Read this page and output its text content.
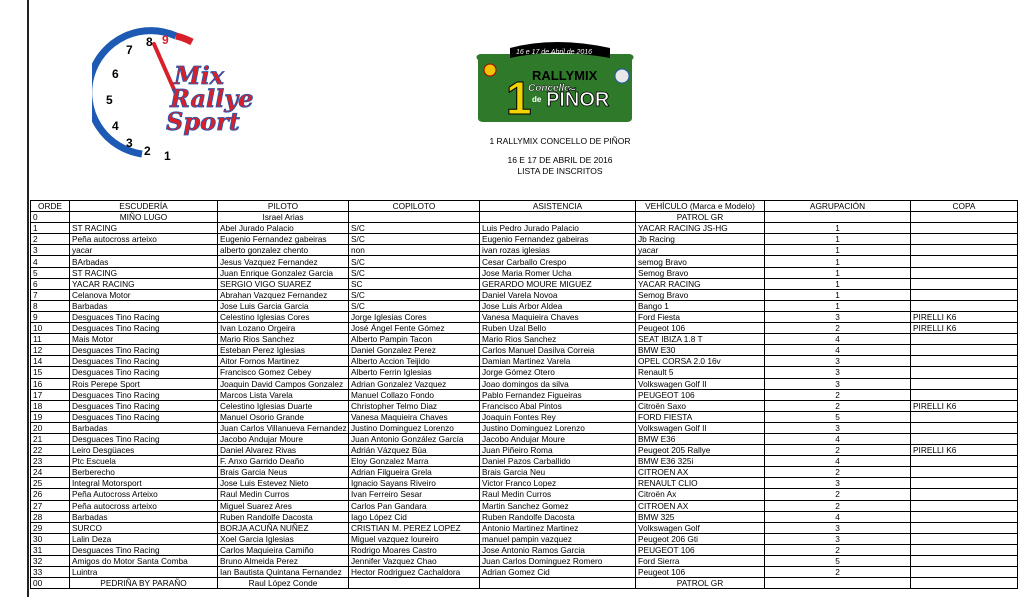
9
8
7
6
5
4
3
2 1
Mix
Rallye
Sport
16 e 17 de Abril de 2016
1 RALLYMIX
Concello
de PIÑOR
1 RALLYMIX CONCELLO DE PIÑOR
16 E 17 DE ABRIL DE 2016
LISTA DE INSCRITOS
ORDE	ESCUDERÍA	PILOTO	COPILOTO	ASISTENCIA	VEHÍCULO (Marca e Modelo)	AGRUPACIÓN	COPA
0	MIÑO LUGO	Israel Arias			PATROL GR		
1	ST RACING	Abel Jurado Palacio	S/C	Luis Pedro Jurado Palacio	YACAR RACING JS-HG	1	
2	Peña autocross arteixo	Eugenio Fernandez gabeiras	S/C	Eugenio Fernandez gabeiras	Jb Racing	1	
3	yacar	alberto gonzalez chento	non	ivan rozas iglesias	yacar	1	
4	BArbadas	Jesus Vazquez Fernandez	S/C	Cesar Carballo Crespo	semog Bravo	1	
5	ST RACING	Juan Enrique Gonzalez Garcia	S/C	Jose Maria Romer Ucha	Semog Bravo	1	
6	YACAR RACING	SERGIO VIGO SUAREZ	SC	GERARDO MOURE MIGUEZ	YACAR RACING	1	
7	Celanova Motor	Abrahan Vazquez Fernandez	S/C	Daniel Varela Novoa	Semog Bravo	1	
8	Barbadas	Jose Luis Garcia Garcia	S/C	Jose Luis Arbor Aldea	Bango 1	1	
9	Desguaces Tino Racing	Celestino Iglesias Cores	Jorge Iglesias Cores	Vanesa Maquieira Chaves	Ford Fiesta	3	PIRELLI K6
10	Desguaces Tino Racing	Ivan Lozano Orgeira	José Ángel Fente Gómez	Ruben Uzal Bello	Peugeot 106	2	PIRELLI K6
11	Mais Motor	Mario Rios Sanchez	Alberto Pampin Tacon	Mario Rios Sanchez	SEAT IBIZA 1.8 T	4	
12	Desguaces Tino Racing	Esteban Perez Iglesias	Daniel Gonzalez Perez	Carlos Manuel Dasilva Correia	BMW E30	4	
14	Desguaces Tino Racing	Aitor Fornos Martinez	Alberto Accion Teijido	Damian Martinez Varela	OPEL CORSA 2.0 16v	3	
15	Desguaces Tino Racing	Francisco Gomez Cebey	Alberto Ferrin Iglesias	Jorge Gómez Otero	Renault 5	3	
16	Rois Perepe Sport	Joaquin David Campos Gonzalez	Adrian Gonzalez Vazquez	Joao domingos da silva	Volkswagen Golf II	3	
17	Desguaces Tino Racing	Marcos Lista Varela	Manuel Collazo Fondo	Pablo Fernandez Figueiras	PEUGEOT 106	2	
18	Desguaces Tino Racing	Celestino Iglesias Duarte	Christopher Telmo Diaz	Francisco Abal Pintos	Citroën Saxo	2	PIRELLI K6
19	Desguaces Tino Racing	Manuel Osorio Grande	Vanesa Maquieira Chaves	Joaquin Fontes Rey	FORD FIESTA	5	
20	Barbadas	Juan Carlos Villanueva Fernandez	Justino Dominguez Lorenzo	Justino Dominguez Lorenzo	Volkswagen Golf II	3	
21	Desguaces Tino Racing	Jacobo Andujar Moure	Juan Antonio González García	Jacobo Andujar Moure	BMW E36	4	
22	Leiro Desgüaces	Daniel Alvarez Rivas	Adrián Vázquez Búa	Juan Piñeiro Roma	Peugeot 205 Rallye	2	PIRELLI K6
23	Ptc Escuela	F. Anxo Garrido Deaño	Eloy Gonzalez Marra	Daniel Pazos Carballido	BMW E36 325i	4	
24	Berberecho	Brais Garcia Neus	Adrian Filgueira Grela	Brais Garcia Neu	CITROEN AX	2	
25	Integral Motorsport	Jose Luis Estevez Nieto	Ignacio Sayans Riveiro	Victor Franco Lopez	RENAULT CLIO	3	
26	Peña Autocross Arteixo	Raul Medin Curros	Ivan Ferreiro Sesar	Raul Medin Curros	Citroën Ax	2	
27	Peña autocross arteixo	Miguel Suarez Ares	Carlos Pan Gandara	Martin Sanchez Gomez	CITROEN AX	2	
28	Barbadas	Ruben Randolfe Dacosta	Iago López Cid	Ruben Randolfe Dacosta	BMW 325	4	
29	SURCO	BORJA ACUÑA NUÑEZ	CRISTIAN M. PEREZ LOPEZ	Antonio Martinez Martinez	Volkswagen Golf	3	
30	Lalin Deza	Xoel Garcia Iglesias	Miguel vazquez loureiro	manuel pampin vazquez	Peugeot 206 Gti	3	
31	Desguaces Tino Racing	Carlos Maquieira Camiño	Rodrigo Moares Castro	Jose Antonio Ramos Garcia	PEUGEOT 106	2	
32	Amigos do Motor Santa Comba	Bruno Almeida Perez	Jennifer Vazquez Chao	Juan Carlos Dominguez Romero	Ford Sierra	5	
33	Luintra	Ian Bautista Quintana Fernandez	Hector Rodriguez Cachaldora	Adrian Gomez Cid	Peugeot 106	2	
00	PEDRIÑA BY PARAÑO	Raul López Conde			PATROL GR		
